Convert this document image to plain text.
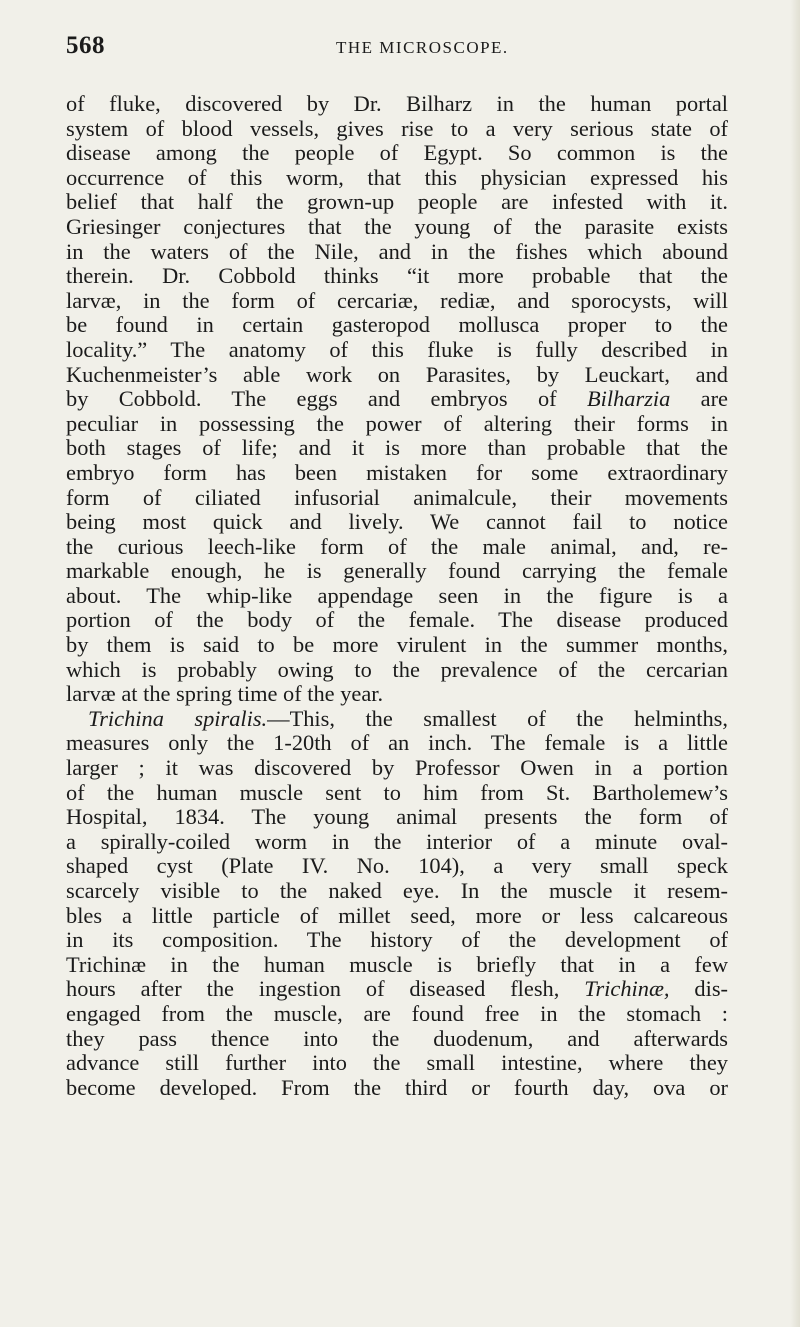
568	THE MICROSCOPE.
of fluke, discovered by Dr. Bilharz in the human portal
system of blood vessels, gives rise to a very serious state of
disease among the people of Egypt. So common is the
occurrence of this worm, that this physician expressed his
belief that half the grown-up people are infested with it.
Griesinger conjectures that the young of the parasite exists
in the waters of the Nile, and in the fishes which abound
therein. Dr. Cobbold thinks “it more probable that the
larvæ, in the form of cercariæ, rediæ, and sporocysts, will
be found in certain gasteropod mollusca proper to the
locality.” The anatomy of this fluke is fully described in
Kuchenmeister’s able work on Parasites, by Leuckart, and
by Cobbold. The eggs and embryos of Bilharzia are
peculiar in possessing the power of altering their forms in
both stages of life; and it is more than probable that the
embryo form has been mistaken for some extraordinary
form of ciliated infusorial animalcule, their movements
being most quick and lively. We cannot fail to notice
the curious leech-like form of the male animal, and, re-
markable enough, he is generally found carrying the female
about. The whip-like appendage seen in the figure is a
portion of the body of the female. The disease produced
by them is said to be more virulent in the summer months,
which is probably owing to the prevalence of the cercarian
larvæ at the spring time of the year.
Trichina spiralis.—This, the smallest of the helminths,
measures only the 1-20th of an inch. The female is a little
larger ; it was discovered by Professor Owen in a portion
of the human muscle sent to him from St. Bartholemew’s
Hospital, 1834. The young animal presents the form of
a spirally-coiled worm in the interior of a minute oval-
shaped cyst (Plate IV. No. 104), a very small speck
scarcely visible to the naked eye. In the muscle it resem-
bles a little particle of millet seed, more or less calcareous
in its composition. The history of the development of
Trichinæ in the human muscle is briefly that in a few
hours after the ingestion of diseased flesh, Trichinæ, dis-
engaged from the muscle, are found free in the stomach :
they pass thence into the duodenum, and afterwards
advance still further into the small intestine, where they
become developed. From the third or fourth day, ova or
